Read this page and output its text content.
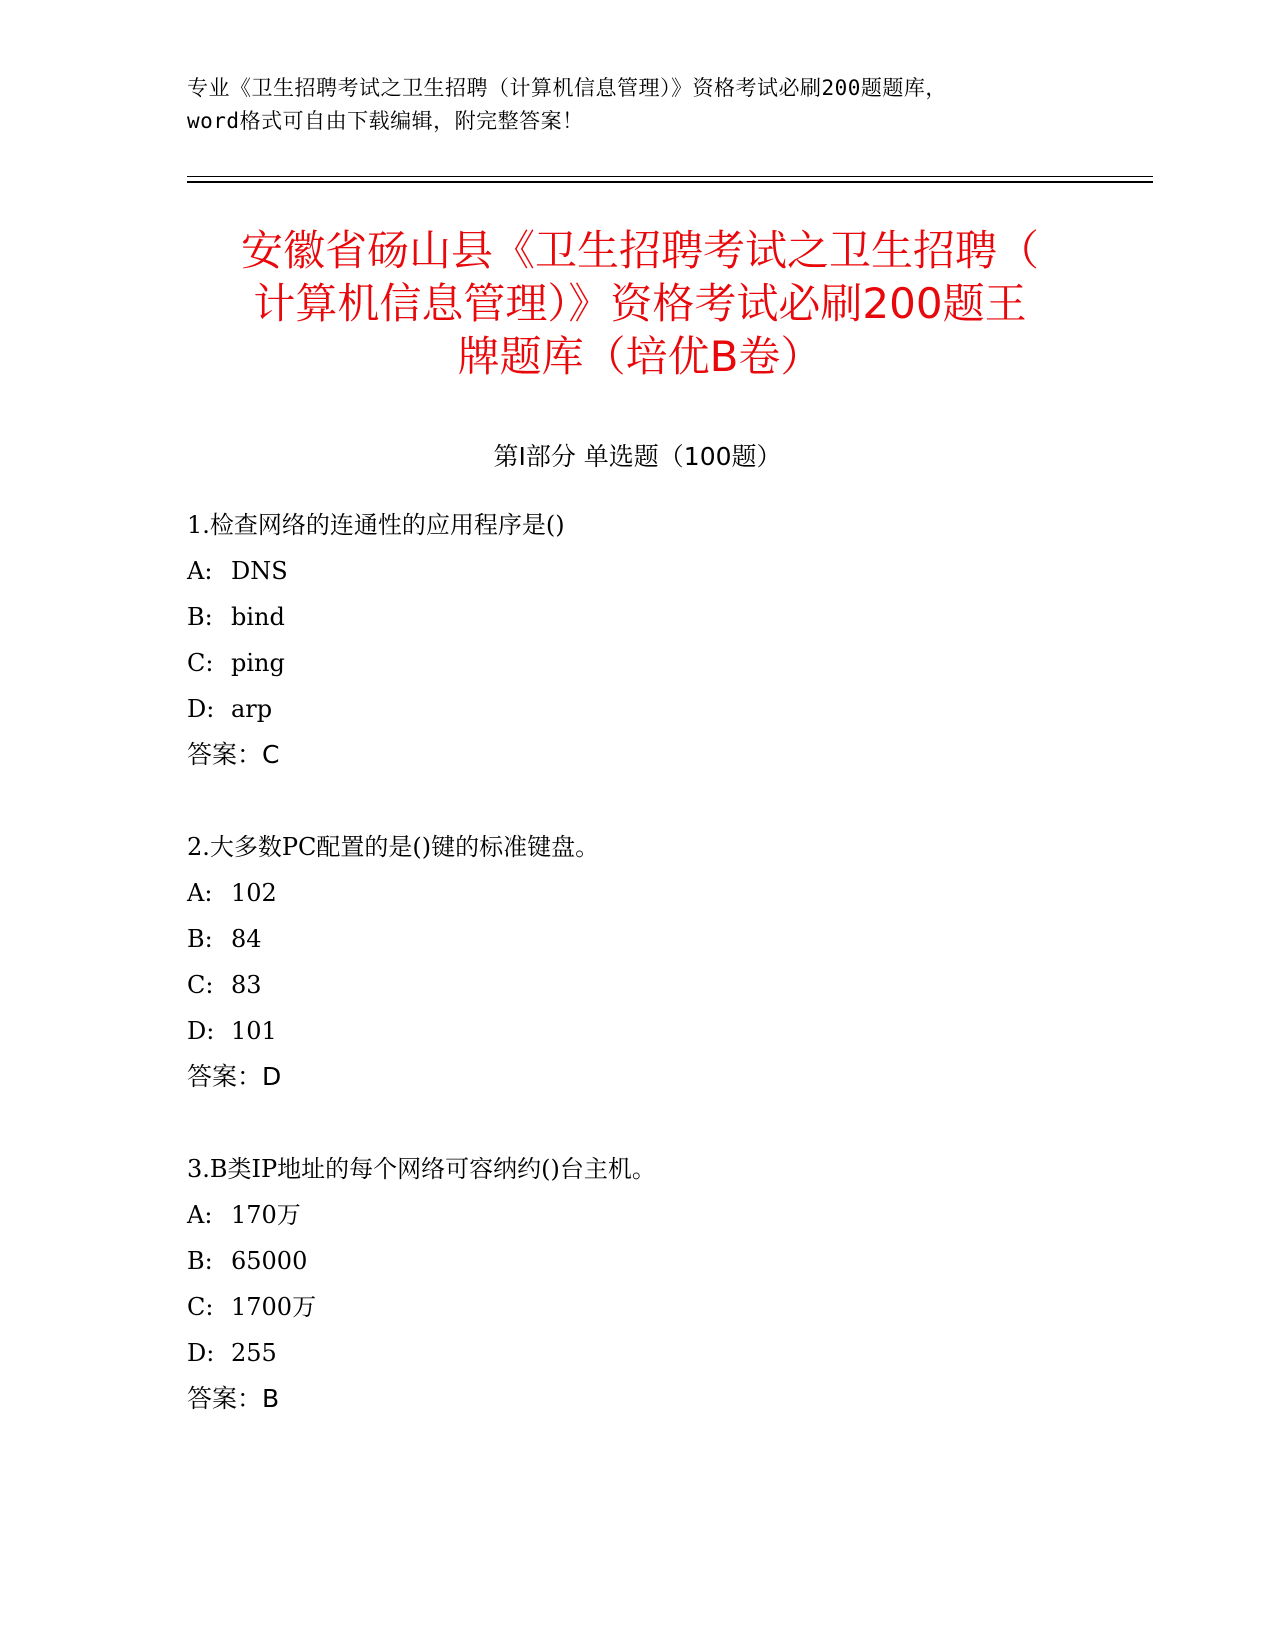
专业《卫生招聘考试之卫生招聘（计算机信息管理）》资格考试必刷200题题库，
word格式可自由下载编辑，附完整答案！
安徽省砀山县《卫生招聘考试之卫生招聘（
计算机信息管理）》资格考试必刷200题王
牌题库（培优B卷）
第I部分 单选题（100题）
1.检查网络的连通性的应用程序是()
A: DNS
B: bind
C: ping
D: arp
答案：C
2.大多数PC配置的是()键的标准键盘。
A: 102
B: 84
C: 83
D: 101
答案：D
3.B类IP地址的每个网络可容纳约()台主机。
A: 170万
B: 65000
C: 1700万
D: 255
答案：B
